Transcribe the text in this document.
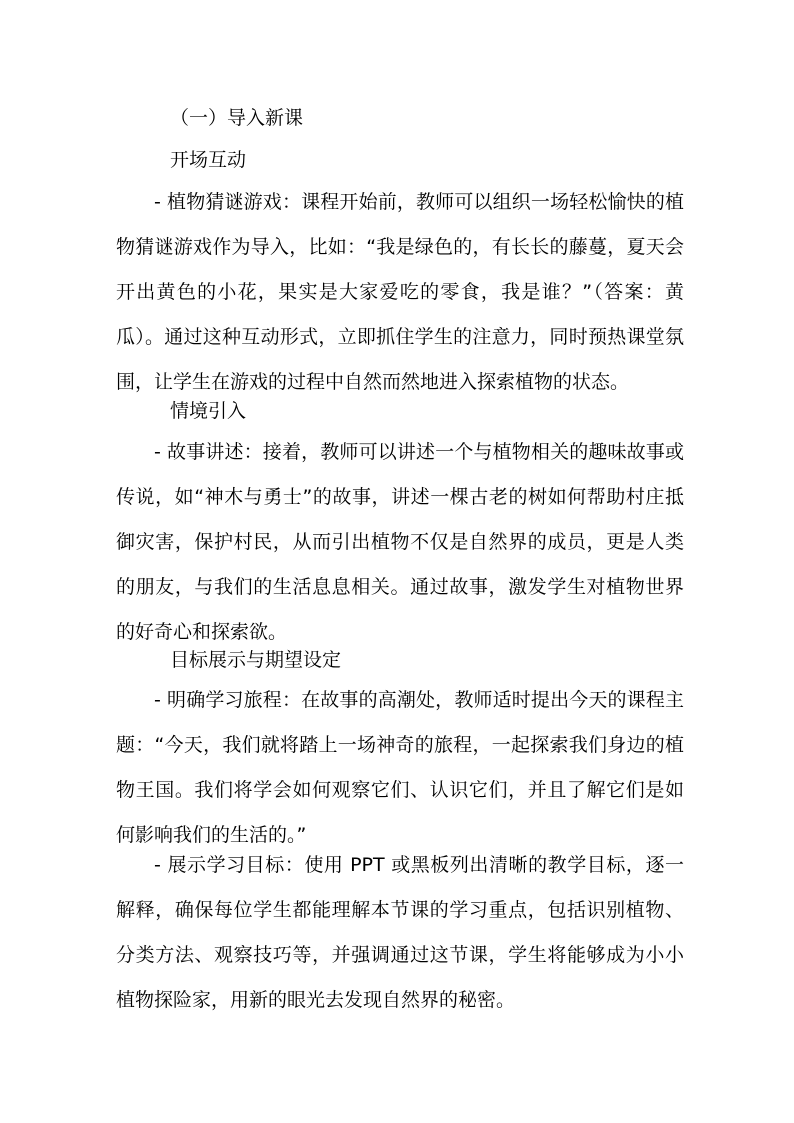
（一）导入新课
开场互动

- 植物猜谜游戏：课程开始前，教师可以组织一场轻松愉快的植物猜谜游戏作为导入，比如：“我是绿色的，有长长的藤蔓，夏天会开出黄色的小花，果实是大家爱吃的零食，我是谁？”（答案：黄瓜）。通过这种互动形式，立即抓住学生的注意力，同时预热课堂氛围，让学生在游戏的过程中自然而然地进入探索植物的状态。

情境引入

- 故事讲述：接着，教师可以讲述一个与植物相关的趣味故事或传说，如“神木与勇士”的故事，讲述一棵古老的树如何帮助村庄抵御灾害，保护村民，从而引出植物不仅是自然界的成员，更是人类的朋友，与我们的生活息息相关。通过故事，激发学生对植物世界的好奇心和探索欲。

目标展示与期望设定

- 明确学习旅程：在故事的高潮处，教师适时提出今天的课程主题：“今天，我们就将踏上一场神奇的旅程，一起探索我们身边的植物王国。我们将学会如何观察它们、认识它们，并且了解它们是如何影响我们的生活的。”

- 展示学习目标：使用 PPT 或黑板列出清晰的教学目标，逐一解释，确保每位学生都能理解本节课的学习重点，包括识别植物、分类方法、观察技巧等，并强调通过这节课，学生将能够成为小小植物探险家，用新的眼光去发现自然界的秘密。
